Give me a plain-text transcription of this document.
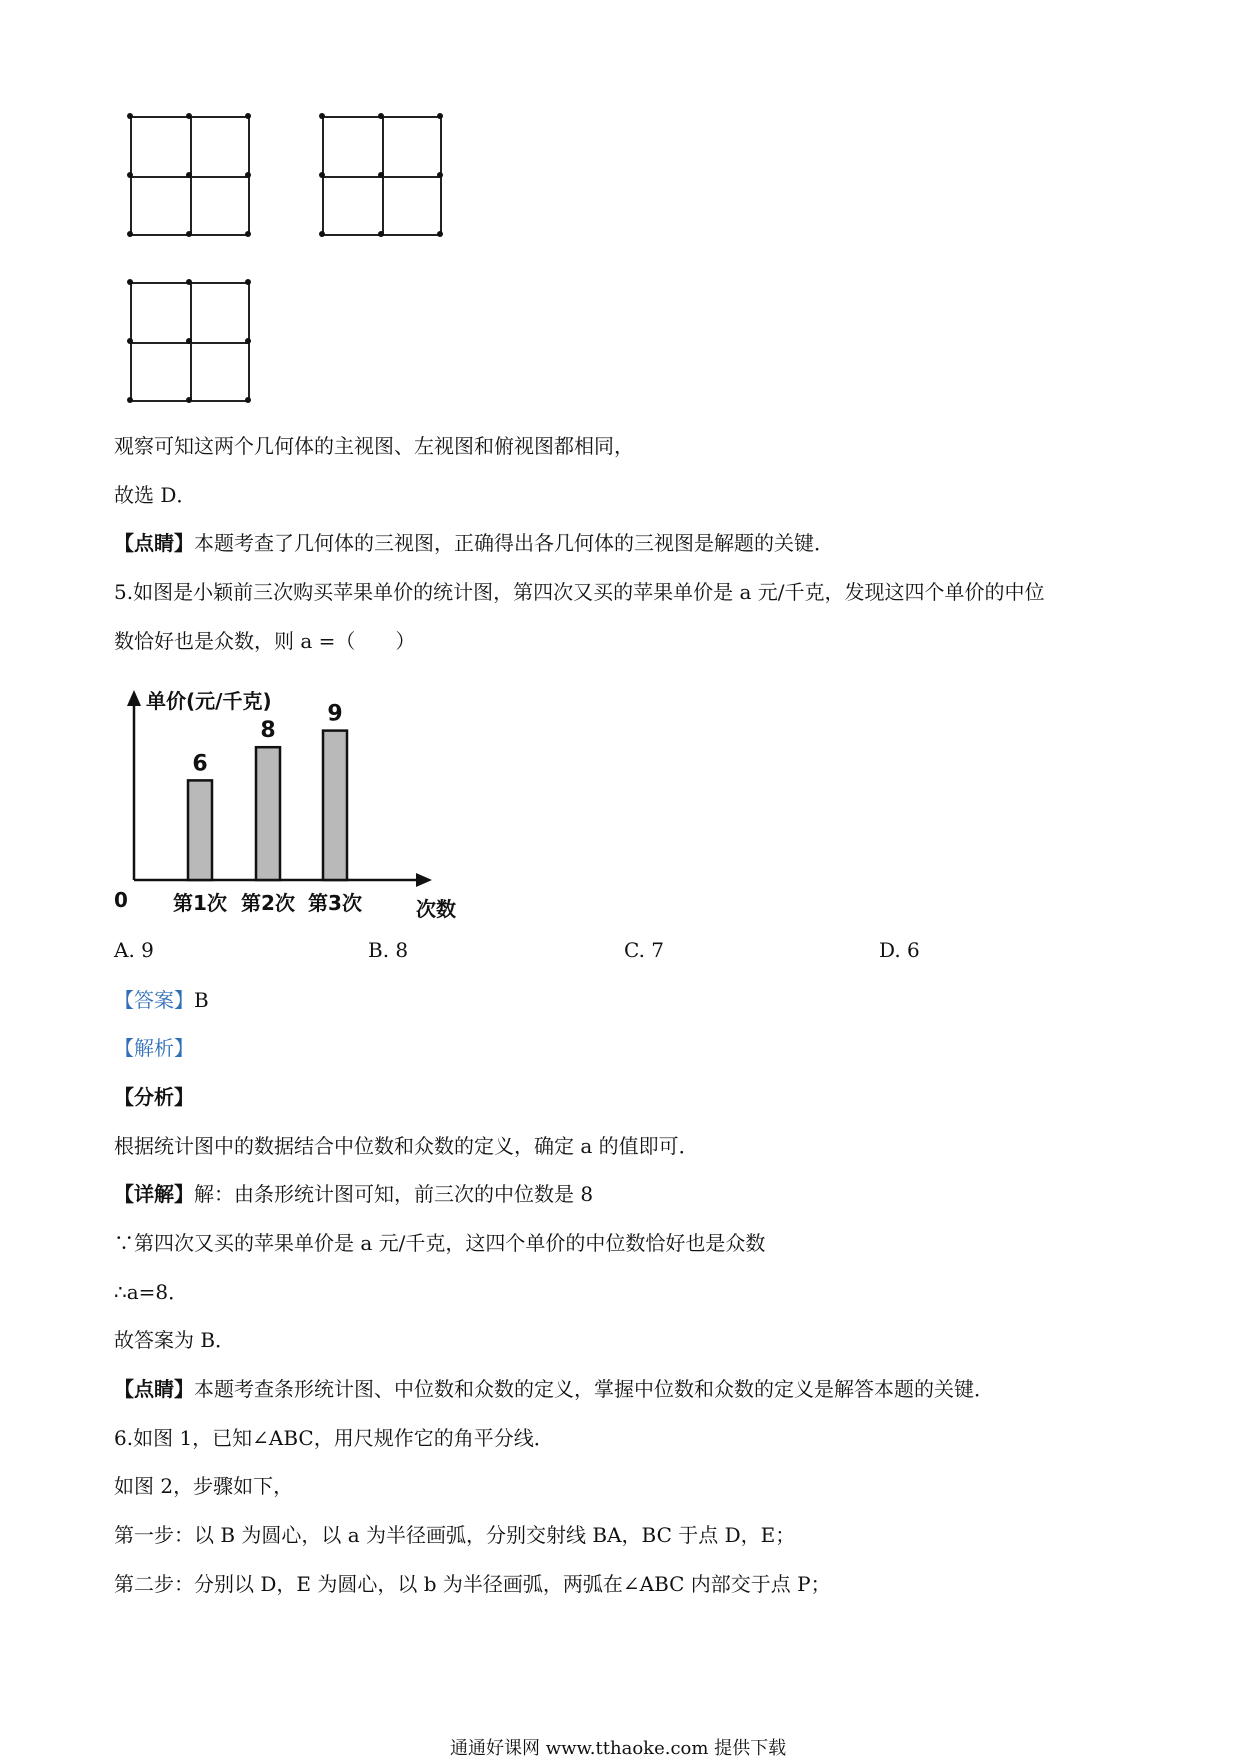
观察可知这两个几何体的主视图、左视图和俯视图都相同，
故选 D．
【点睛】本题考查了几何体的三视图，正确得出各几何体的三视图是解题的关键．
5.如图是小颖前三次购买苹果单价的统计图，第四次又买的苹果单价是 a 元/千克，发现这四个单价的中位
数恰好也是众数，则 a =（　　）
单价(元/千克)
次数
0
6
第1次
8
第2次
9
第3次
A. 9	B. 8	C. 7	D. 6
【答案】B
【解析】
【分析】
根据统计图中的数据结合中位数和众数的定义，确定 a 的值即可．
【详解】解：由条形统计图可知，前三次的中位数是 8
∵第四次又买的苹果单价是 a 元/千克，这四个单价的中位数恰好也是众数
∴a=8．
故答案为 B．
【点睛】本题考查条形统计图、中位数和众数的定义，掌握中位数和众数的定义是解答本题的关键．
6.如图 1，已知∠ABC，用尺规作它的角平分线．
如图 2，步骤如下，
第一步：以 B 为圆心，以 a 为半径画弧，分别交射线 BA，BC 于点 D，E；
第二步：分别以 D，E 为圆心，以 b 为半径画弧，两弧在∠ABC 内部交于点 P；
通通好课网 www.tthaoke.com 提供下载
